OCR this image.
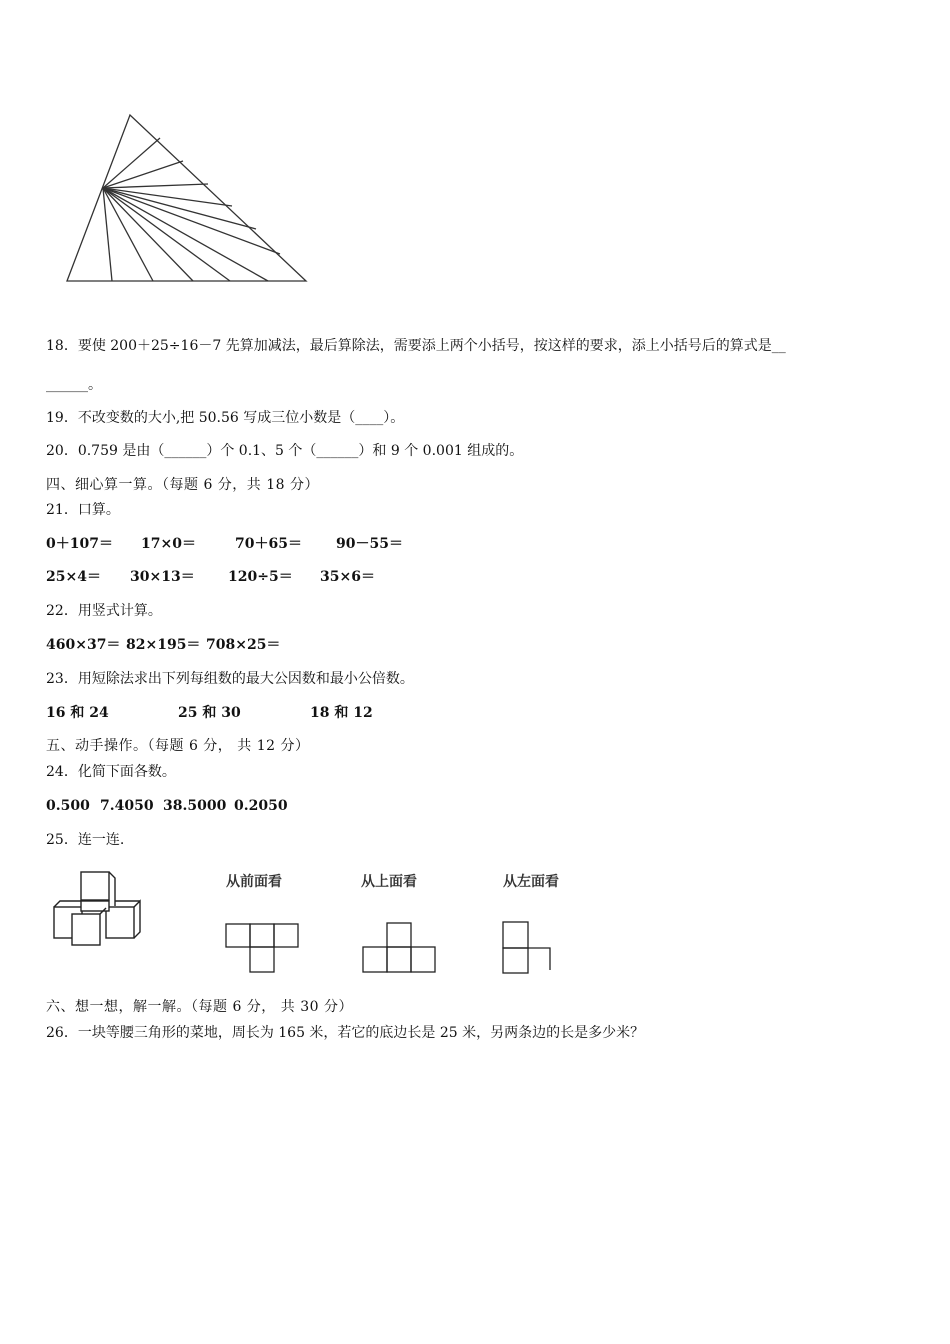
18．要使 200＋25÷16－7 先算加减法，最后算除法，需要添上两个小括号，按这样的要求，添上小括号后的算式是__
______。
19．不改变数的大小,把 50.56 写成三位小数是（____）。
20．0.759 是由（______）个 0.1、5 个（______）和 9 个 0.001 组成的。
四、细心算一算。（每题 6 分，共 18 分）
21．口算。
0＋107＝ 17×0＝	70＋65＝ 90－55＝
25×4＝ 30×13＝ 120÷5＝ 35×6＝
22．用竖式计算。
460×37＝ 82×195＝ 708×25＝
23．用短除法求出下列每组数的最大公因数和最小公倍数。
16 和 24	25 和 30	18 和 12
五、动手操作。（每题 6 分， 共 12 分）
24．化简下面各数。
0.500 7.4050 38.5000 0.2050
25．连一连.
从前面看	从上面看	从左面看
六、想一想，解一解。（每题 6 分， 共 30 分）
26．一块等腰三角形的菜地，周长为 165 米，若它的底边长是 25 米，另两条边的长是多少米？
